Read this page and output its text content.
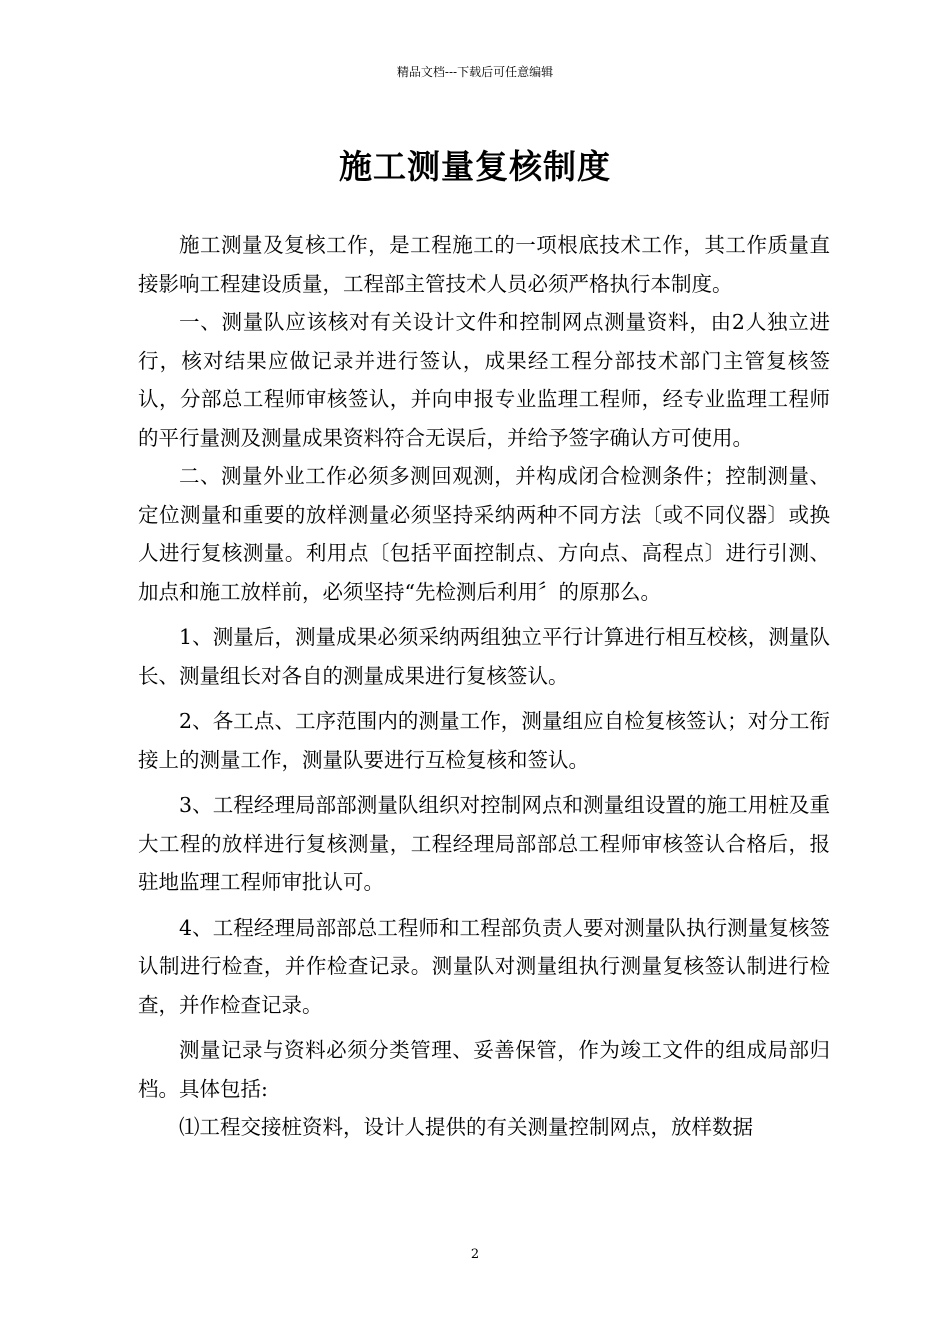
精品文档---下载后可任意编辑
施工测量复核制度

施工测量及复核工作，是工程施工的一项根底技术工作，其工作质量直接影响工程建设质量，工程部主管技术人员必须严格执行本制度。

一、测量队应该核对有关设计文件和控制网点测量资料，由2人独立进行，核对结果应做记录并进行签认，成果经工程分部技术部门主管复核签认，分部总工程师审核签认，并向申报专业监理工程师，经专业监理工程师的平行量测及测量成果资料符合无误后，并给予签字确认方可使用。

二、测量外业工作必须多测回观测，并构成闭合检测条件；控制测量、定位测量和重要的放样测量必须坚持采纳两种不同方法〔或不同仪器〕或换人进行复核测量。利用点〔包括平面控制点、方向点、高程点〕进行引测、加点和施工放样前，必须坚持“先检测后利用〞的原那么。

1、测量后，测量成果必须采纳两组独立平行计算进行相互校核，测量队长、测量组长对各自的测量成果进行复核签认。

2、各工点、工序范围内的测量工作，测量组应自检复核签认；对分工衔接上的测量工作，测量队要进行互检复核和签认。

3、工程经理局部部测量队组织对控制网点和测量组设置的施工用桩及重大工程的放样进行复核测量，工程经理局部部总工程师审核签认合格后，报驻地监理工程师审批认可。

4、工程经理局部部总工程师和工程部负责人要对测量队执行测量复核签认制进行检查，并作检查记录。测量队对测量组执行测量复核签认制进行检查，并作检查记录。

测量记录与资料必须分类管理、妥善保管，作为竣工文件的组成局部归档。具体包括:

⑴工程交接桩资料，设计人提供的有关测量控制网点，放样数据

2
